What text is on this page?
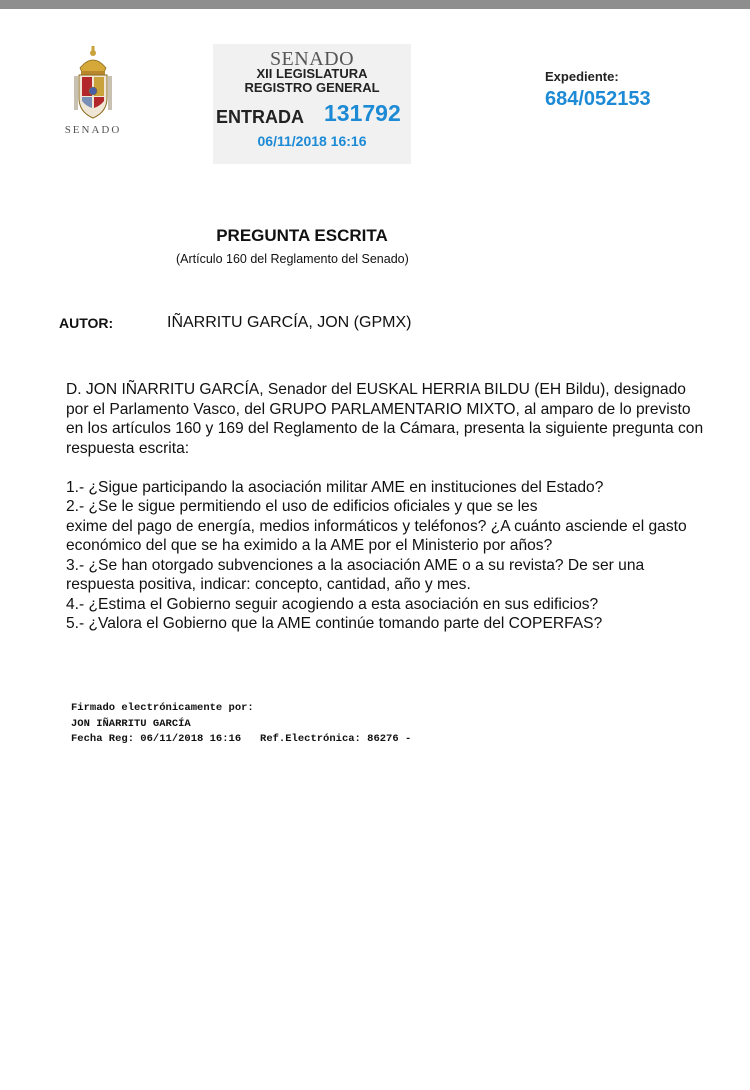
SENADO
SENADO
XII LEGISLATURA
REGISTRO GENERAL
ENTRADA 131792
06/11/2018 16:16
Expediente:
684/052153
PREGUNTA ESCRITA
(Artículo 160 del Reglamento del Senado)
AUTOR:	IÑARRITU GARCÍA, JON (GPMX)

D. JON IÑARRITU GARCÍA, Senador del EUSKAL HERRIA BILDU (EH Bildu), designado por el Parlamento Vasco, del GRUPO PARLAMENTARIO MIXTO, al amparo de lo previsto en los artículos 160 y 169 del Reglamento de la Cámara, presenta la siguiente pregunta con respuesta escrita:

1.- ¿Sigue participando la asociación militar AME en instituciones del Estado?
2.- ¿Se le sigue permitiendo el uso de edificios oficiales y que se les
exime del pago de energía, medios informáticos y teléfonos? ¿A cuánto asciende el gasto económico del que se ha eximido a la AME por el Ministerio por años?
3.- ¿Se han otorgado subvenciones a la asociación AME o a su revista? De ser una respuesta positiva, indicar: concepto, cantidad, año y mes.
4.- ¿Estima el Gobierno seguir acogiendo a esta asociación en sus edificios?
5.- ¿Valora el Gobierno que la AME continúe tomando parte del COPERFAS?
Firmado electrónicamente por:
JON IÑARRITU GARCÍA
Fecha Reg: 06/11/2018 16:16   Ref.Electrónica: 86276 -
